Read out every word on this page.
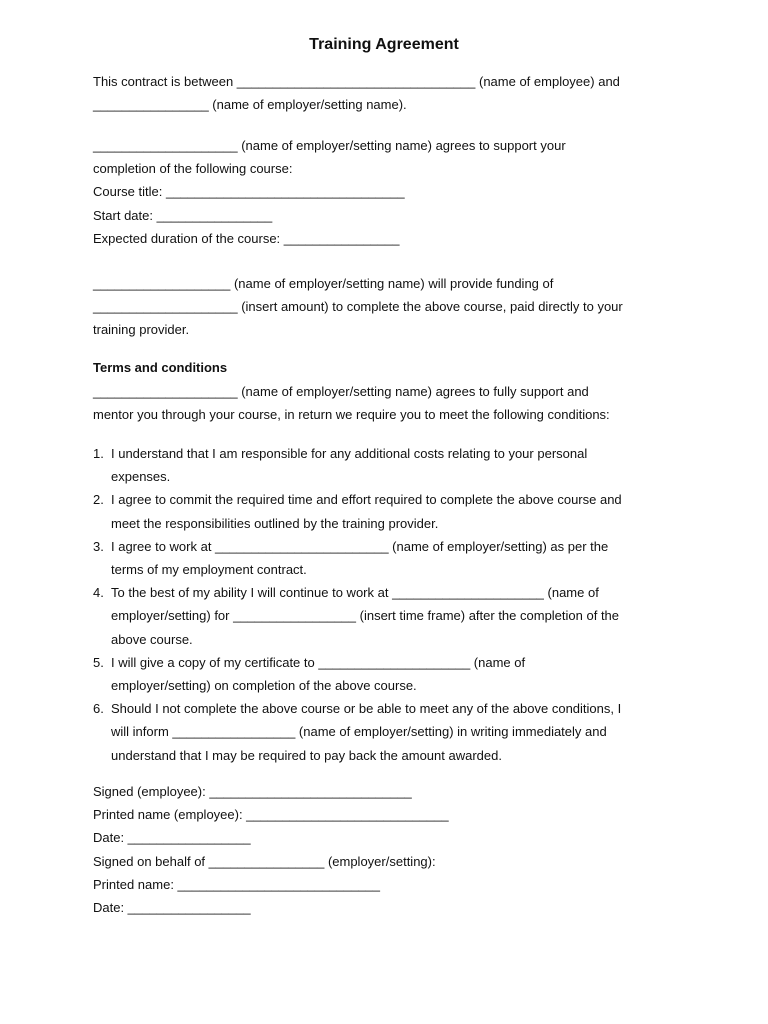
Training Agreement
This contract is between _________________________________ (name of employee) and
________________ (name of employer/setting name).
____________________ (name of employer/setting name) agrees to support your
completion of the following course:
Course title: _________________________________
Start date: ________________
Expected duration of the course: ________________
___________________ (name of employer/setting name) will provide funding of
____________________ (insert amount) to complete the above course, paid directly to your
training provider.
Terms and conditions
____________________ (name of employer/setting name) agrees to fully support and
mentor you through your course, in return we require you to meet the following conditions:
1. I understand that I am responsible for any additional costs relating to your personal
expenses.
2. I agree to commit the required time and effort required to complete the above course and
meet the responsibilities outlined by the training provider.
3. I agree to work at ________________________ (name of employer/setting) as per the
terms of my employment contract.
4. To the best of my ability I will continue to work at _____________________ (name of
employer/setting) for _________________ (insert time frame) after the completion of the
above course.
5. I will give a copy of my certificate to _____________________ (name of
employer/setting) on completion of the above course.
6. Should I not complete the above course or be able to meet any of the above conditions, I
will inform _________________ (name of employer/setting) in writing immediately and
understand that I may be required to pay back the amount awarded.
Signed (employee): ____________________________
Printed name (employee): ____________________________
Date: _________________
Signed on behalf of ________________ (employer/setting):
Printed name: ____________________________
Date: _________________
